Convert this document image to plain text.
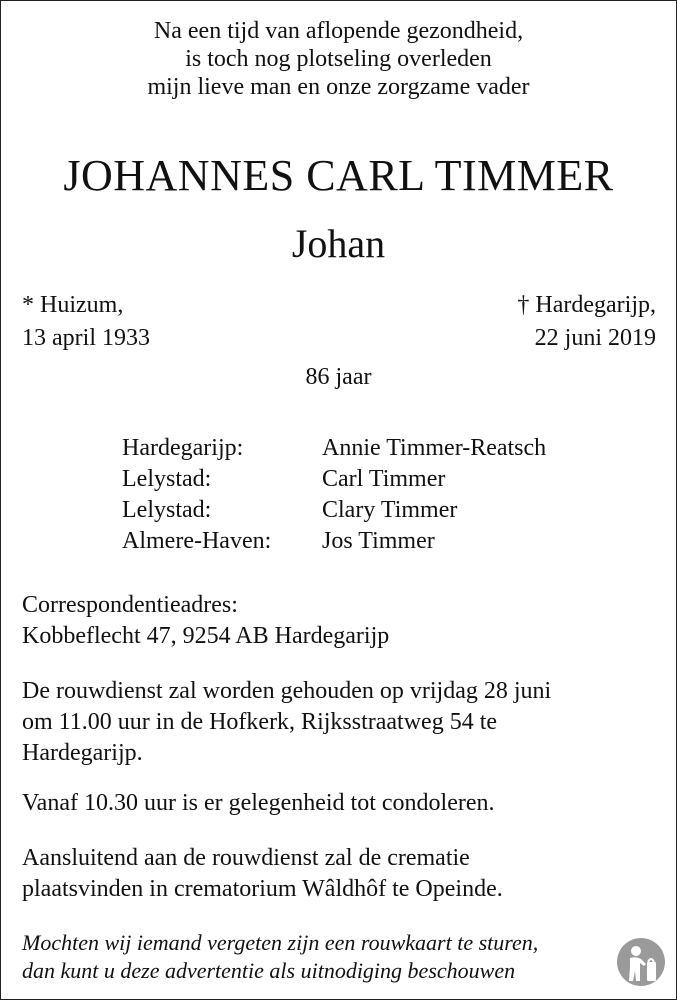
Na een tijd van aflopende gezondheid,
is toch nog plotseling overleden
mijn lieve man en onze zorgzame vader
JOHANNES CARL TIMMER
Johan
* Huizum,
13 april 1933
† Hardegarijp,
22 juni 2019
86 jaar
Hardegarijp:	Annie Timmer-Reatsch
Lelystad:	Carl Timmer
Lelystad:	Clary Timmer
Almere-Haven:	Jos Timmer
Correspondentieadres:
Kobbeflecht 47, 9254 AB Hardegarijp
De rouwdienst zal worden gehouden op vrijdag 28 juni
om 11.00 uur in de Hofkerk, Rijksstraatweg 54 te
Hardegarijp.
Vanaf 10.30 uur is er gelegenheid tot condoleren.
Aansluitend aan de rouwdienst zal de crematie
plaatsvinden in crematorium Wâldhôf te Opeinde.
Mochten wij iemand vergeten zijn een rouwkaart te sturen,
dan kunt u deze advertentie als uitnodiging beschouwen
